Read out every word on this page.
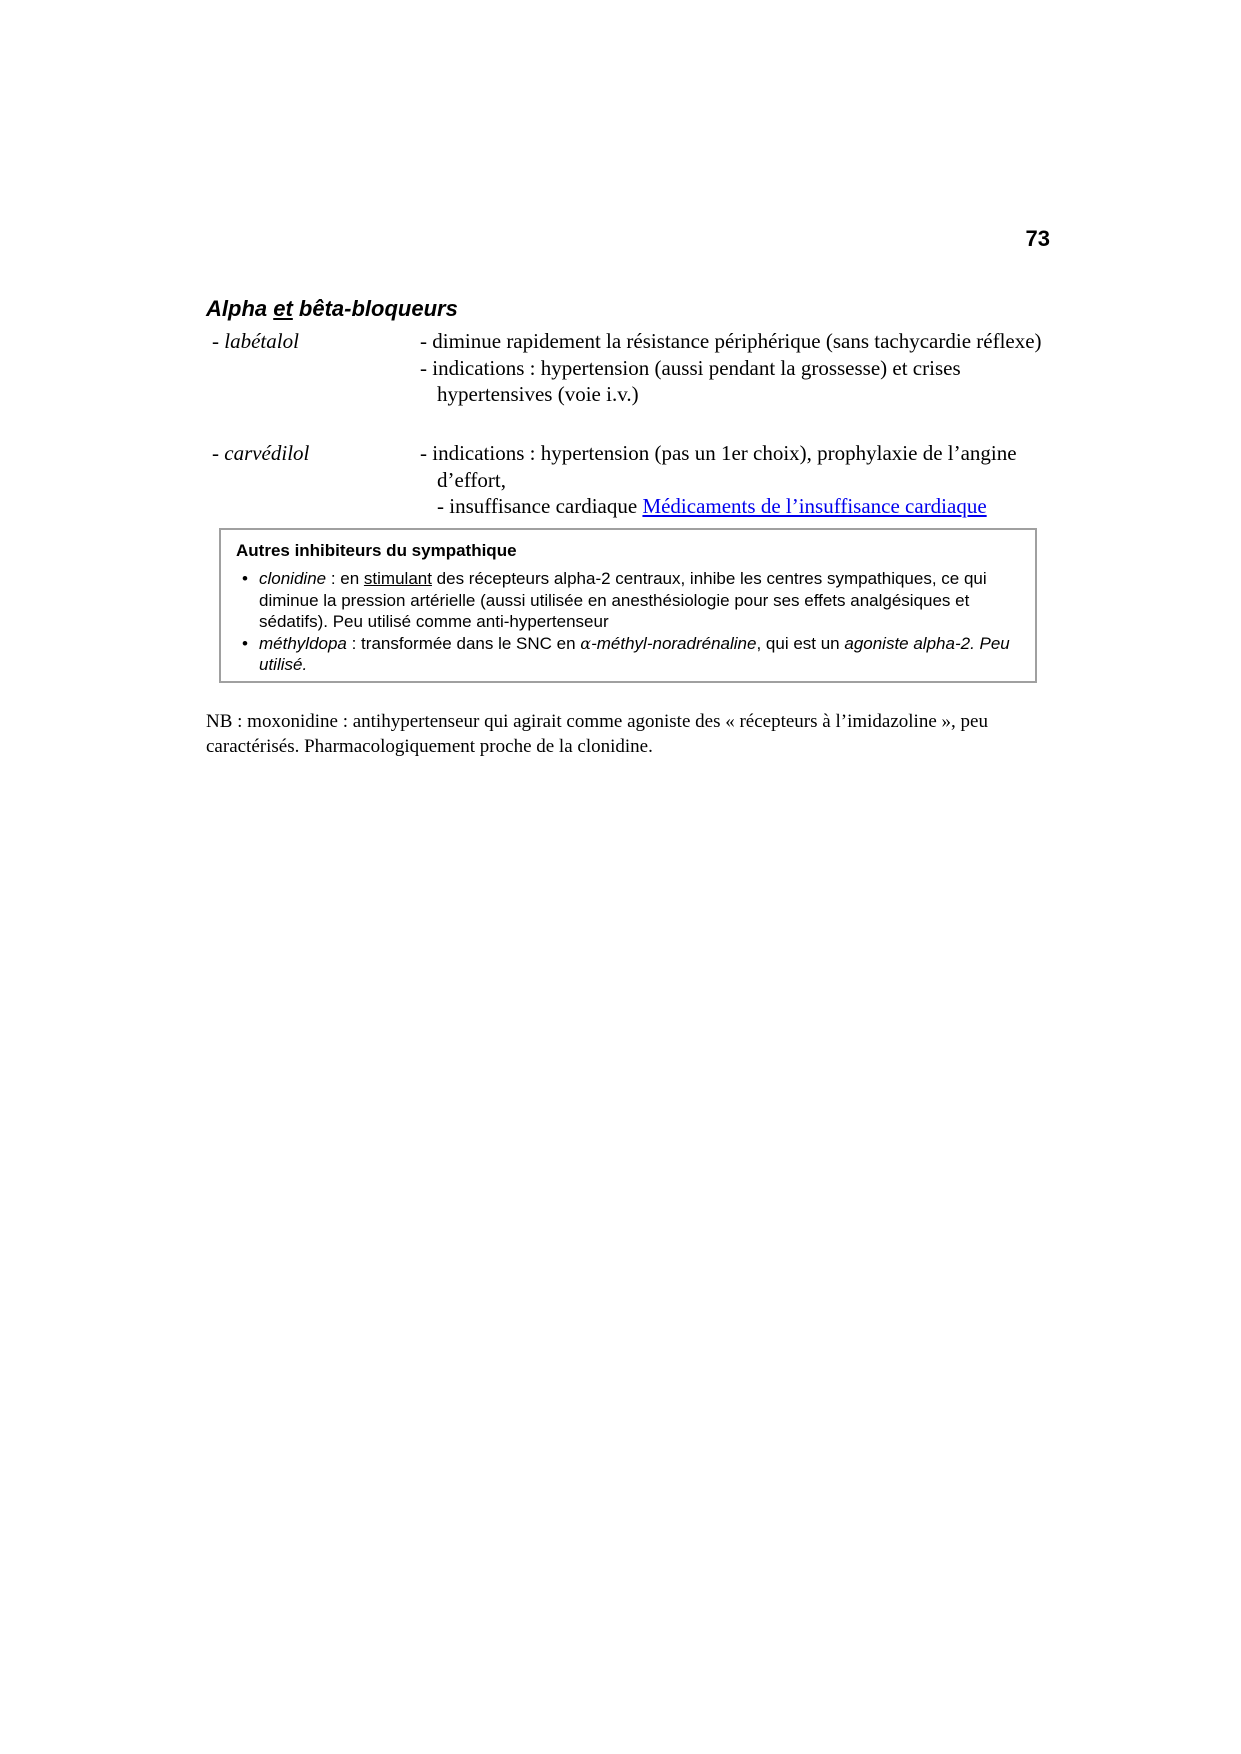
73
Alpha et bêta-bloqueurs
- labétalol	- diminue rapidement la résistance périphérique (sans tachycardie réflexe)
- indications : hypertension (aussi pendant la grossesse) et crises hypertensives (voie i.v.)
- carvédilol	- indications : hypertension (pas un 1er choix), prophylaxie de l’angine d’effort,
- insuffisance cardiaque Médicaments de l’insuffisance cardiaque
Autres inhibiteurs du sympathique
• clonidine : en stimulant des récepteurs alpha-2 centraux, inhibe les centres sympathiques, ce qui diminue la pression artérielle (aussi utilisée en anesthésiologie pour ses effets analgésiques et sédatifs). Peu utilisé comme anti-hypertenseur
• méthyldopa : transformée dans le SNC en α-méthyl-noradrénaline, qui est un agoniste alpha-2. Peu utilisé.
NB : moxonidine : antihypertenseur qui agirait comme agoniste des « récepteurs à l’imidazoline », peu caractérisés. Pharmacologiquement proche de la clonidine.
